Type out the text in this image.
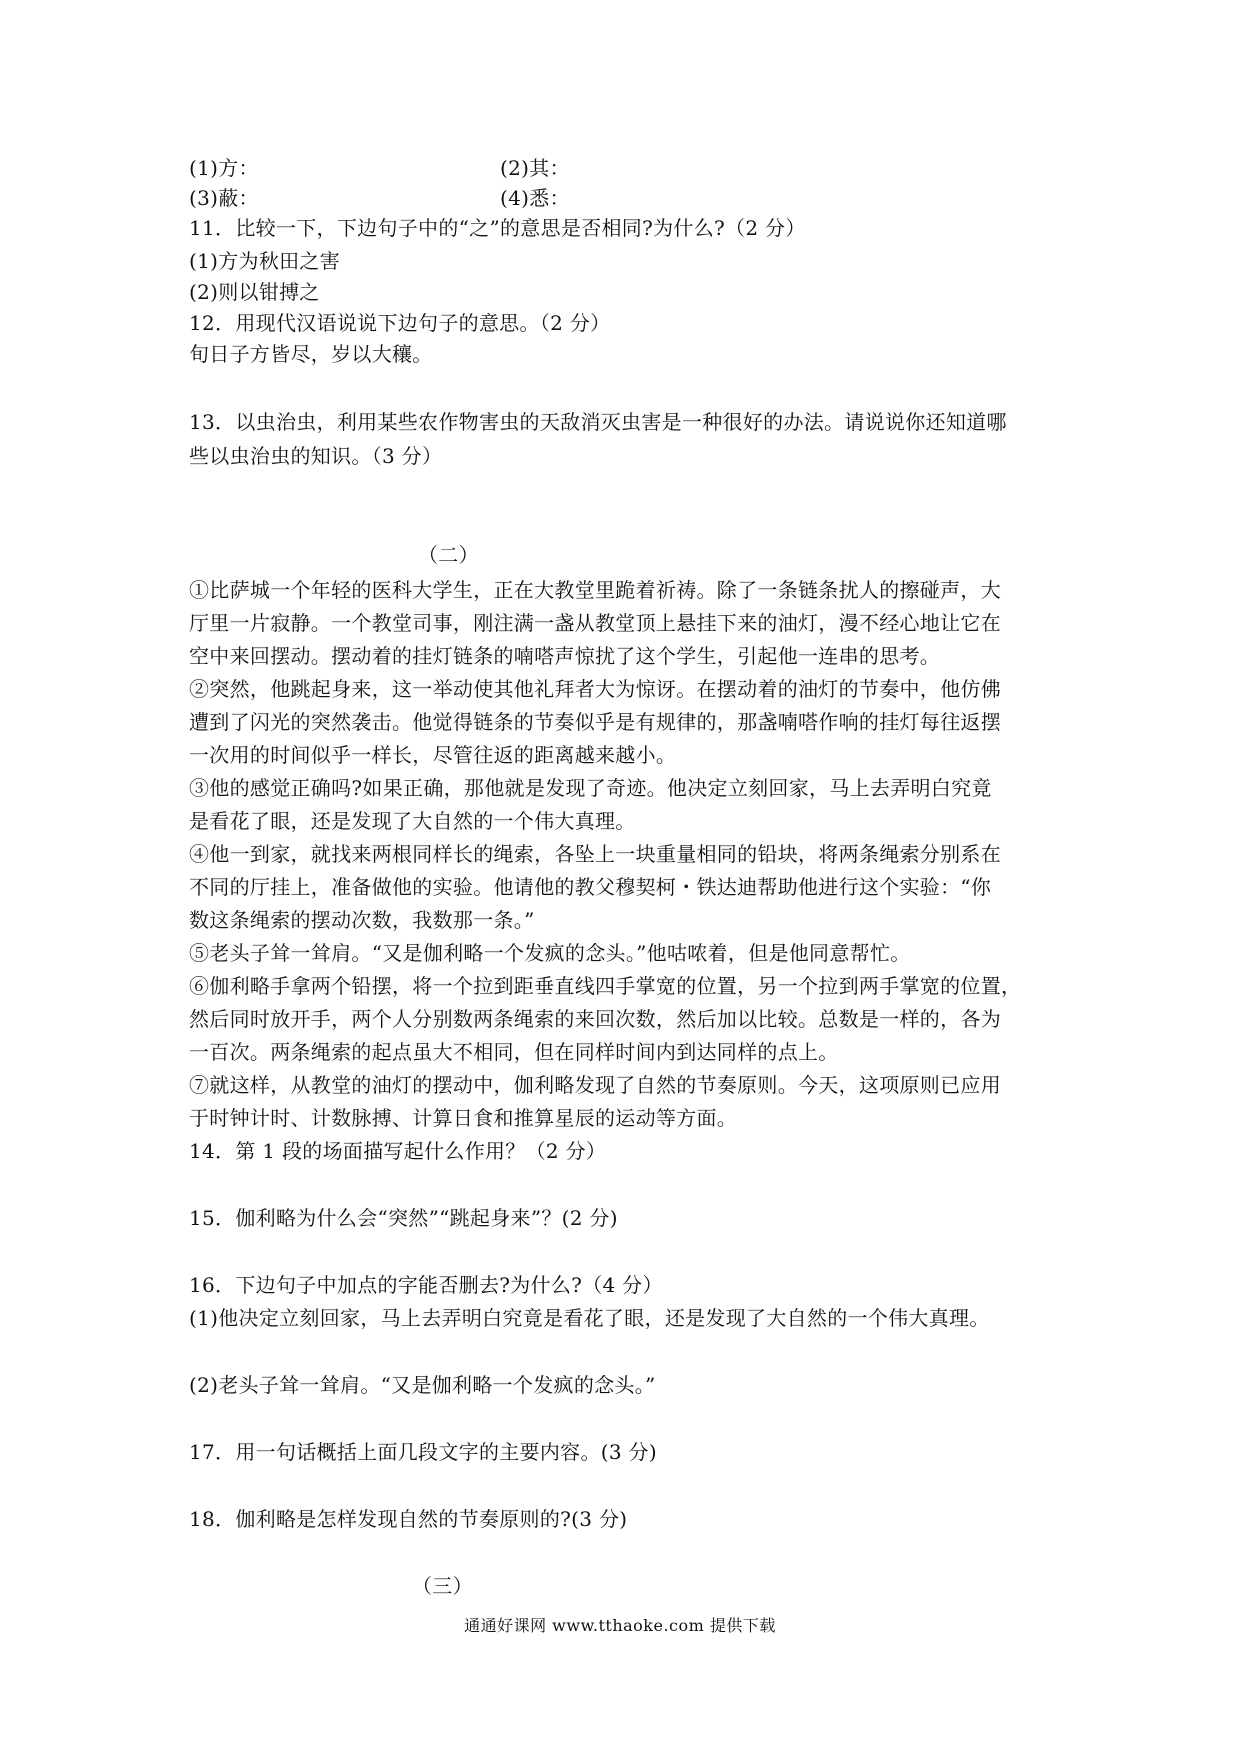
(1)方：	(2)其：
(3)蔽：	(4)悉：
11．比较一下，下边句子中的“之”的意思是否相同?为什么?（2 分）
(1)方为秋田之害
(2)则以钳搏之
12．用现代汉语说说下边句子的意思。（2 分）
旬日子方皆尽，岁以大穰。
13．以虫治虫，利用某些农作物害虫的天敌消灭虫害是一种很好的办法。请说说你还知道哪
些以虫治虫的知识。（3 分）
（二）
①比萨城一个年轻的医科大学生，正在大教堂里跪着祈祷。除了一条链条扰人的擦碰声，大
厅里一片寂静。一个教堂司事，刚注满一盏从教堂顶上悬挂下来的油灯，漫不经心地让它在
空中来回摆动。摆动着的挂灯链条的喃嗒声惊扰了这个学生，引起他一连串的思考。
②突然，他跳起身来，这一举动使其他礼拜者大为惊讶。在摆动着的油灯的节奏中，他仿佛
遭到了闪光的突然袭击。他觉得链条的节奏似乎是有规律的，那盏喃嗒作响的挂灯每往返摆
一次用的时间似乎一样长，尽管往返的距离越来越小。
③他的感觉正确吗?如果正确，那他就是发现了奇迹。他决定立刻回家，马上去弄明白究竟
是看花了眼，还是发现了大自然的一个伟大真理。
④他一到家，就找来两根同样长的绳索，各坠上一块重量相同的铅块，将两条绳索分别系在
不同的厅挂上，准备做他的实验。他请他的教父穆契柯・铁达迪帮助他进行这个实验：“你
数这条绳索的摆动次数，我数那一条。”
⑤老头子耸一耸肩。“又是伽利略一个发疯的念头。”他咕哝着，但是他同意帮忙。
⑥伽利略手拿两个铅摆，将一个拉到距垂直线四手掌宽的位置，另一个拉到两手掌宽的位置，
然后同时放开手，两个人分别数两条绳索的来回次数，然后加以比较。总数是一样的，各为
一百次。两条绳索的起点虽大不相同，但在同样时间内到达同样的点上。
⑦就这样，从教堂的油灯的摆动中，伽利略发现了自然的节奏原则。今天，这项原则已应用
于时钟计时、计数脉搏、计算日食和推算星辰的运动等方面。
14．第 1 段的场面描写起什么作用？（2 分）
15．伽利略为什么会“突然”“跳起身来”？(2 分)
16．下边句子中加点的字能否删去?为什么?（4 分）
(1)他决定立刻回家，马上去弄明白究竟是看花了眼，还是发现了大自然的一个伟大真理。
(2)老头子耸一耸肩。“又是伽利略一个发疯的念头。”
17．用一句话概括上面几段文字的主要内容。(3 分)
18．伽利略是怎样发现自然的节奏原则的?(3 分)
（三）
通通好课网 www.tthaoke.com 提供下载
